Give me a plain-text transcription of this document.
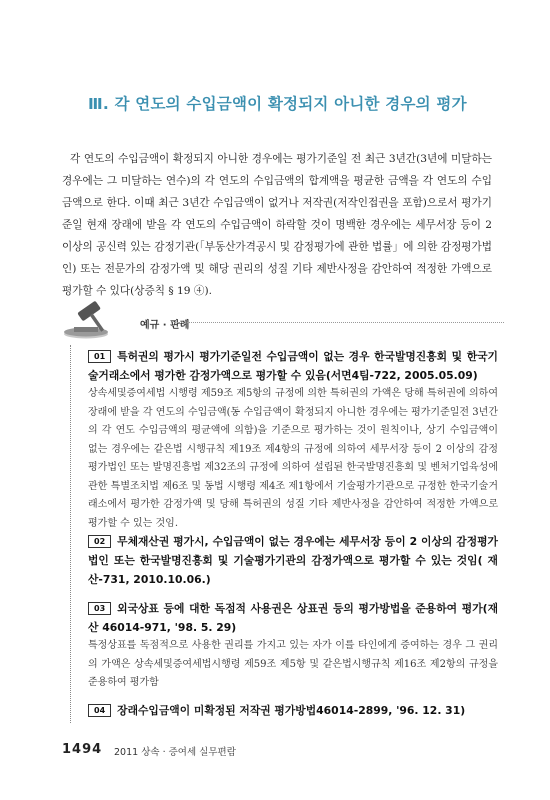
Ⅲ. 각 연도의 수입금액이 확정되지 아니한 경우의 평가

각 연도의 수입금액이 확정되지 아니한 경우에는 평가기준일 전 최근 3년간(3년에 미달하는 경우에는 그 미달하는 연수)의 각 연도의 수입금액의 합계액을 평균한 금액을 각 연도의 수입금액으로 한다. 이때 최근 3년간 수입금액이 없거나 저작권(저작인접권을 포함)으로서 평가기준일 현재 장래에 받을 각 연도의 수입금액이 하락할 것이 명백한 경우에는 세무서장 등이 2 이상의 공신력 있는 감정기관(「부동산가격공시 및 감정평가에 관한 법률」에 의한 감정평가법인) 또는 전문가의 감정가액 및 해당 권리의 성질 기타 제반사정을 감안하여 적정한 가액으로 평가할 수 있다(상증칙 § 19 ④).

예규 · 판례
01 특허권의 평가시 평가기준일전 수입금액이 없는 경우 한국발명진흥회 및 한국기술거래소에서 평가한 감정가액으로 평가할 수 있음(서면4팀-722, 2005.05.09)
상속세및증여세법 시행령 제59조 제5항의 규정에 의한 특허권의 가액은 당해 특허권에 의하여 장래에 받을 각 연도의 수입금액(동 수입금액이 확정되지 아니한 경우에는 평가기준일전 3년간의 각 연도 수입금액의 평균액에 의함)을 기준으로 평가하는 것이 원칙이나, 상기 수입금액이 없는 경우에는 같은법 시행규칙 제19조 제4항의 규정에 의하여 세무서장 등이 2 이상의 감정평가법인 또는 발명진흥법 제32조의 규정에 의하여 설립된 한국발명진흥회 및 벤처기업육성에 관한 특별조치법 제6조 및 동법 시행령 제4조 제1항에서 기술평가기관으로 규정한 한국기술거래소에서 평가한 감정가액 및 당해 특허권의 성질 기타 제반사정을 감안하여 적정한 가액으로 평가할 수 있는 것임.
02 무체재산권 평가시, 수입금액이 없는 경우에는 세무서장 등이 2 이상의 감정평가법인 또는 한국발명진흥회 및 기술평가기관의 감정가액으로 평가할 수 있는 것임( 재산-731, 2010.10.06.)
03 외국상표 등에 대한 독점적 사용권은 상표권 등의 평가방법을 준용하여 평가(재산 46014-971, '98. 5. 29)
특정상표를 독점적으로 사용한 권리를 가지고 있는 자가 이를 타인에게 증여하는 경우 그 권리의 가액은 상속세및증여세법시행령 제59조 제5항 및 같은법시행규칙 제16조 제2항의 규정을 준용하여 평가함
04 장래수입금액이 미확정된 저작권 평가방법46014-2899, '96. 12. 31)
1494 2011 상속 · 증여세 실무편람
